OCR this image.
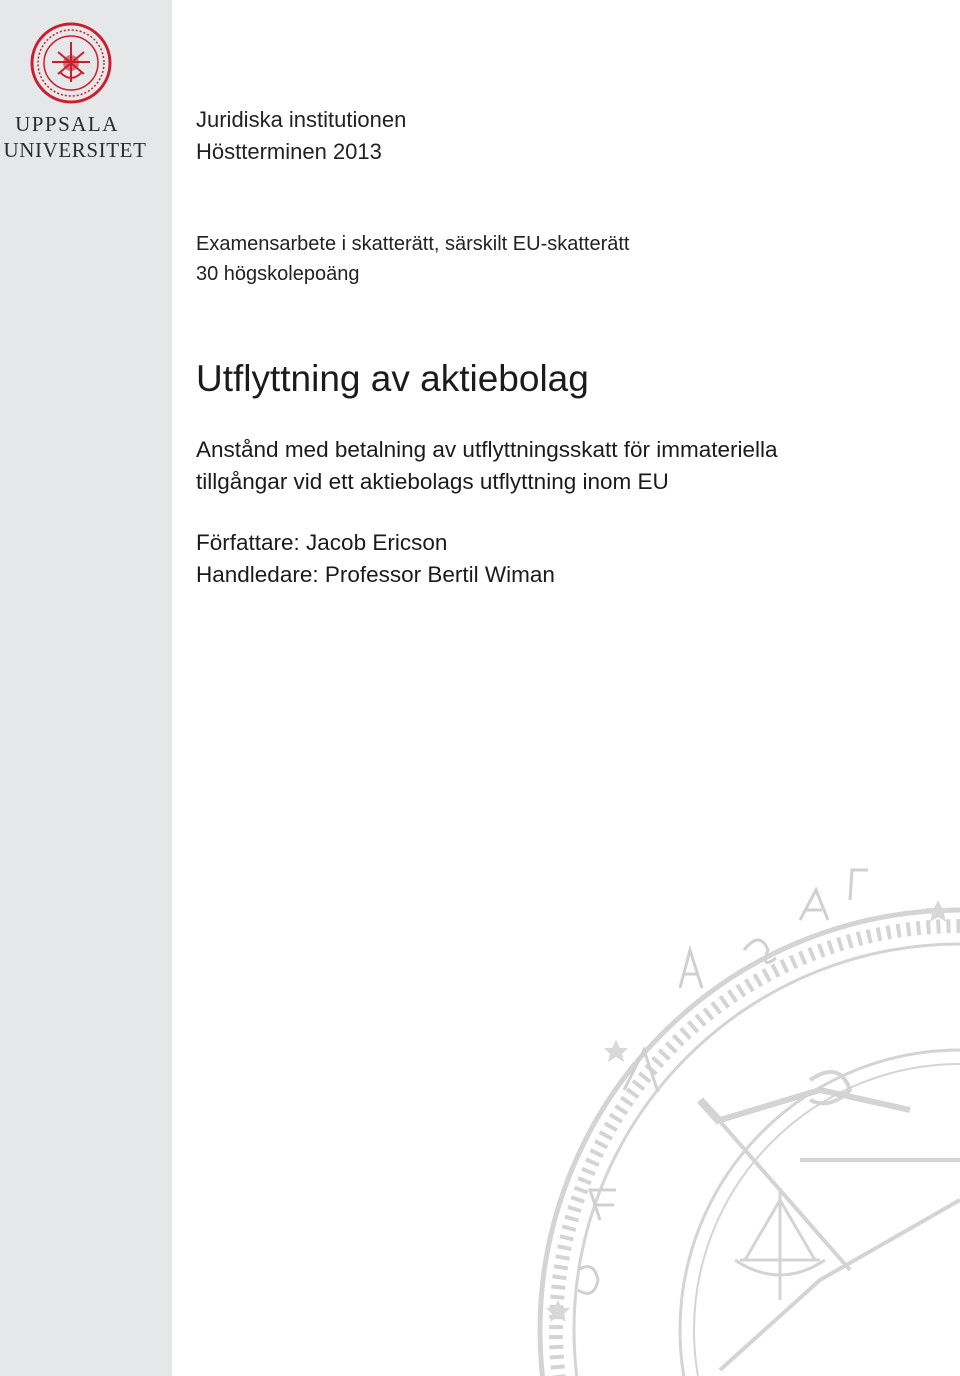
UPPSALA
UNIVERSITET
Juridiska institutionen
Höstterminen 2013
Examensarbete i skatterätt, särskilt EU-skatterätt
30 högskolepoäng
Utflyttning av aktiebolag
Anstånd med betalning av utflyttningsskatt för immateriella
tillgångar vid ett aktiebolags utflyttning inom EU
Författare: Jacob Ericson
Handledare: Professor Bertil Wiman
